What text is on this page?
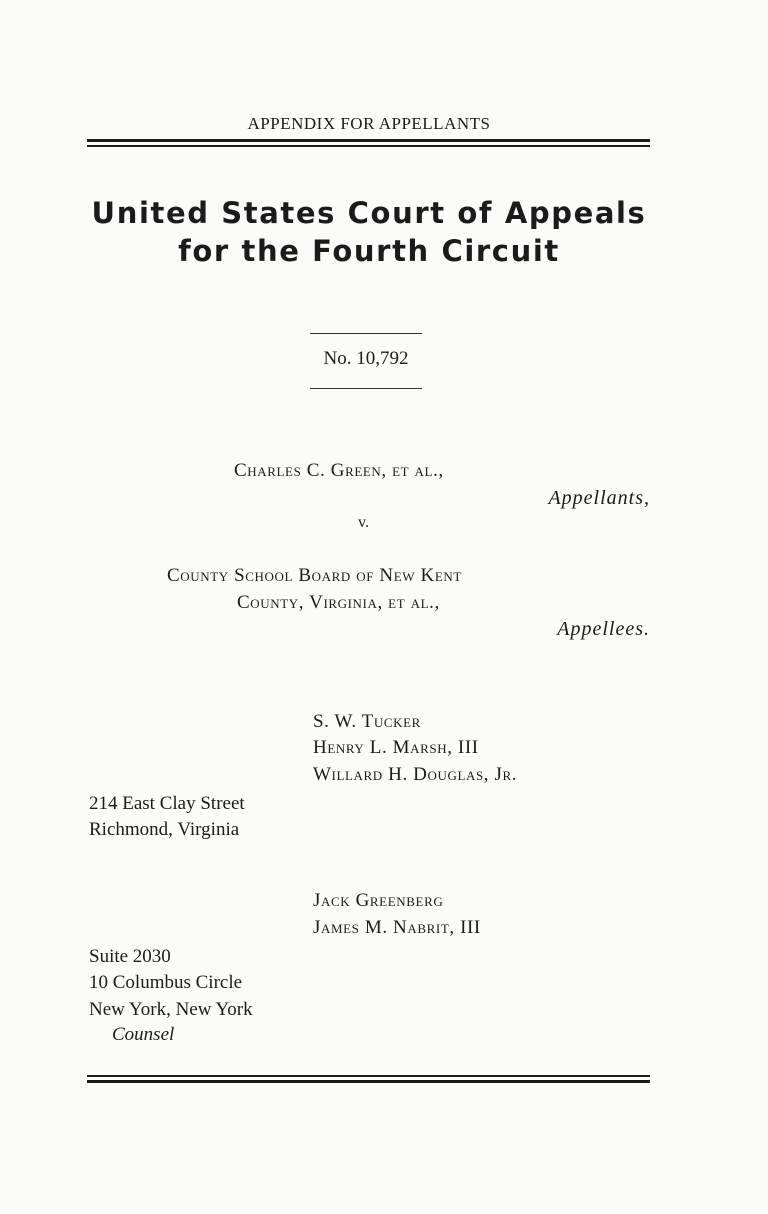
APPENDIX FOR APPELLANTS
United States Court of Appeals
for the Fourth Circuit
No. 10,792
Charles C. Green, et al.,
Appellants,
v.
County School Board of New Kent
County, Virginia, et al.,
Appellees.
S. W. Tucker
Henry L. Marsh, III
Willard H. Douglas, Jr.
214 East Clay Street
Richmond, Virginia
Jack Greenberg
James M. Nabrit, III
Suite 2030
10 Columbus Circle
New York, New York
Counsel
